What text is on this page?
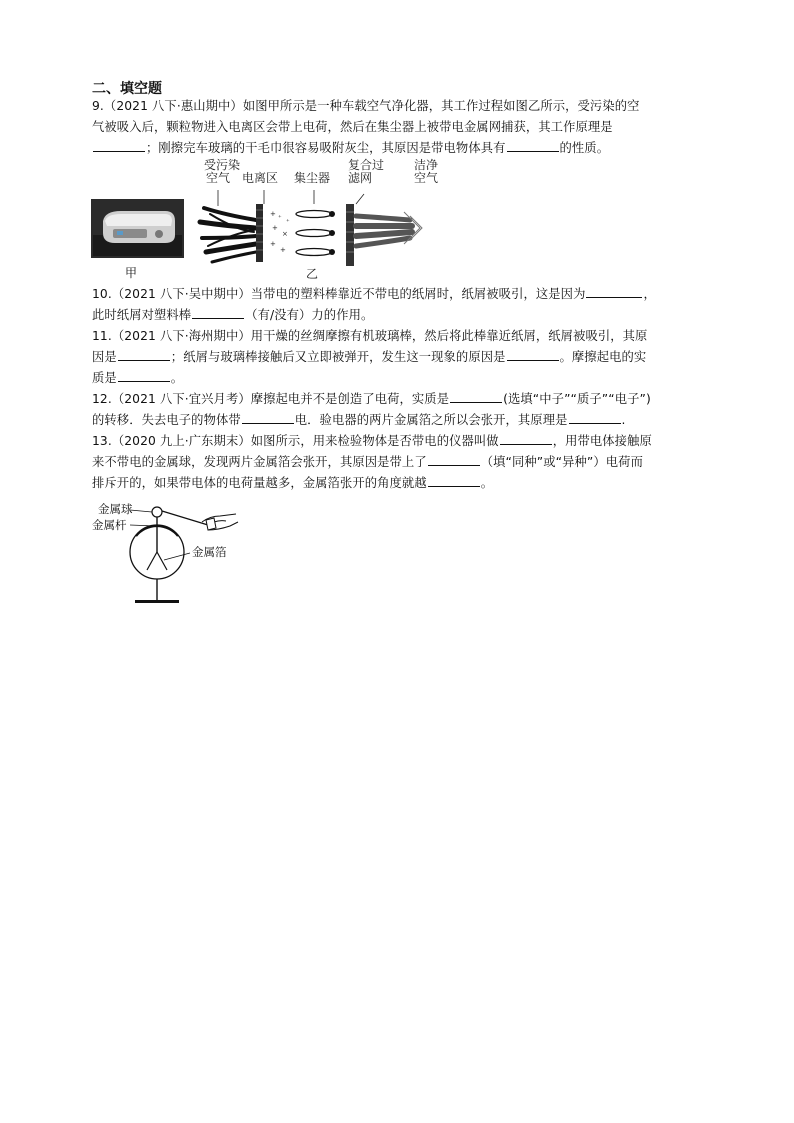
二、填空题

9.（2021 八下·惠山期中）如图甲所示是一种车载空气净化器，其工作过程如图乙所示，受污染的空

气被吸入后，颗粒物进入电离区会带上电荷，然后在集尘器上被带电金属网捕获，其工作原理是

；刚擦完车玻璃的干毛巾很容易吸附灰尘，其原因是带电物体具有	的性质。

甲
+ ⁺
+
×
+
+
⁺
受污染
空气 电离区 集尘器
复合过
滤网
洁净
空气
乙

10.（2021 八下·吴中期中）当带电的塑料棒靠近不带电的纸屑时，纸屑被吸引，这是因为	，

此时纸屑对塑料棒	（有/没有）力的作用。

11.（2021 八下·海州期中）用干燥的丝绸摩擦有机玻璃棒，然后将此棒靠近纸屑，纸屑被吸引，其原

因是	；纸屑与玻璃棒接触后又立即被弹开，发生这一现象的原因是	。摩擦起电的实

质是	。

12.（2021 八下·宜兴月考）摩擦起电并不是创造了电荷，实质是	(选填“中子”“质子”“电子”)

的转移．失去电子的物体带	电．验电器的两片金属箔之所以会张开，其原理是	.

13.（2020 九上·广东期末）如图所示，用来检验物体是否带电的仪器叫做	，用带电体接触原

来不带电的金属球，发现两片金属箔会张开，其原因是带上了	（填“同种”或“异种”）电荷而

排斥开的，如果带电体的电荷量越多，金属箔张开的角度就越	。

金属球
金属杆
金属箔
